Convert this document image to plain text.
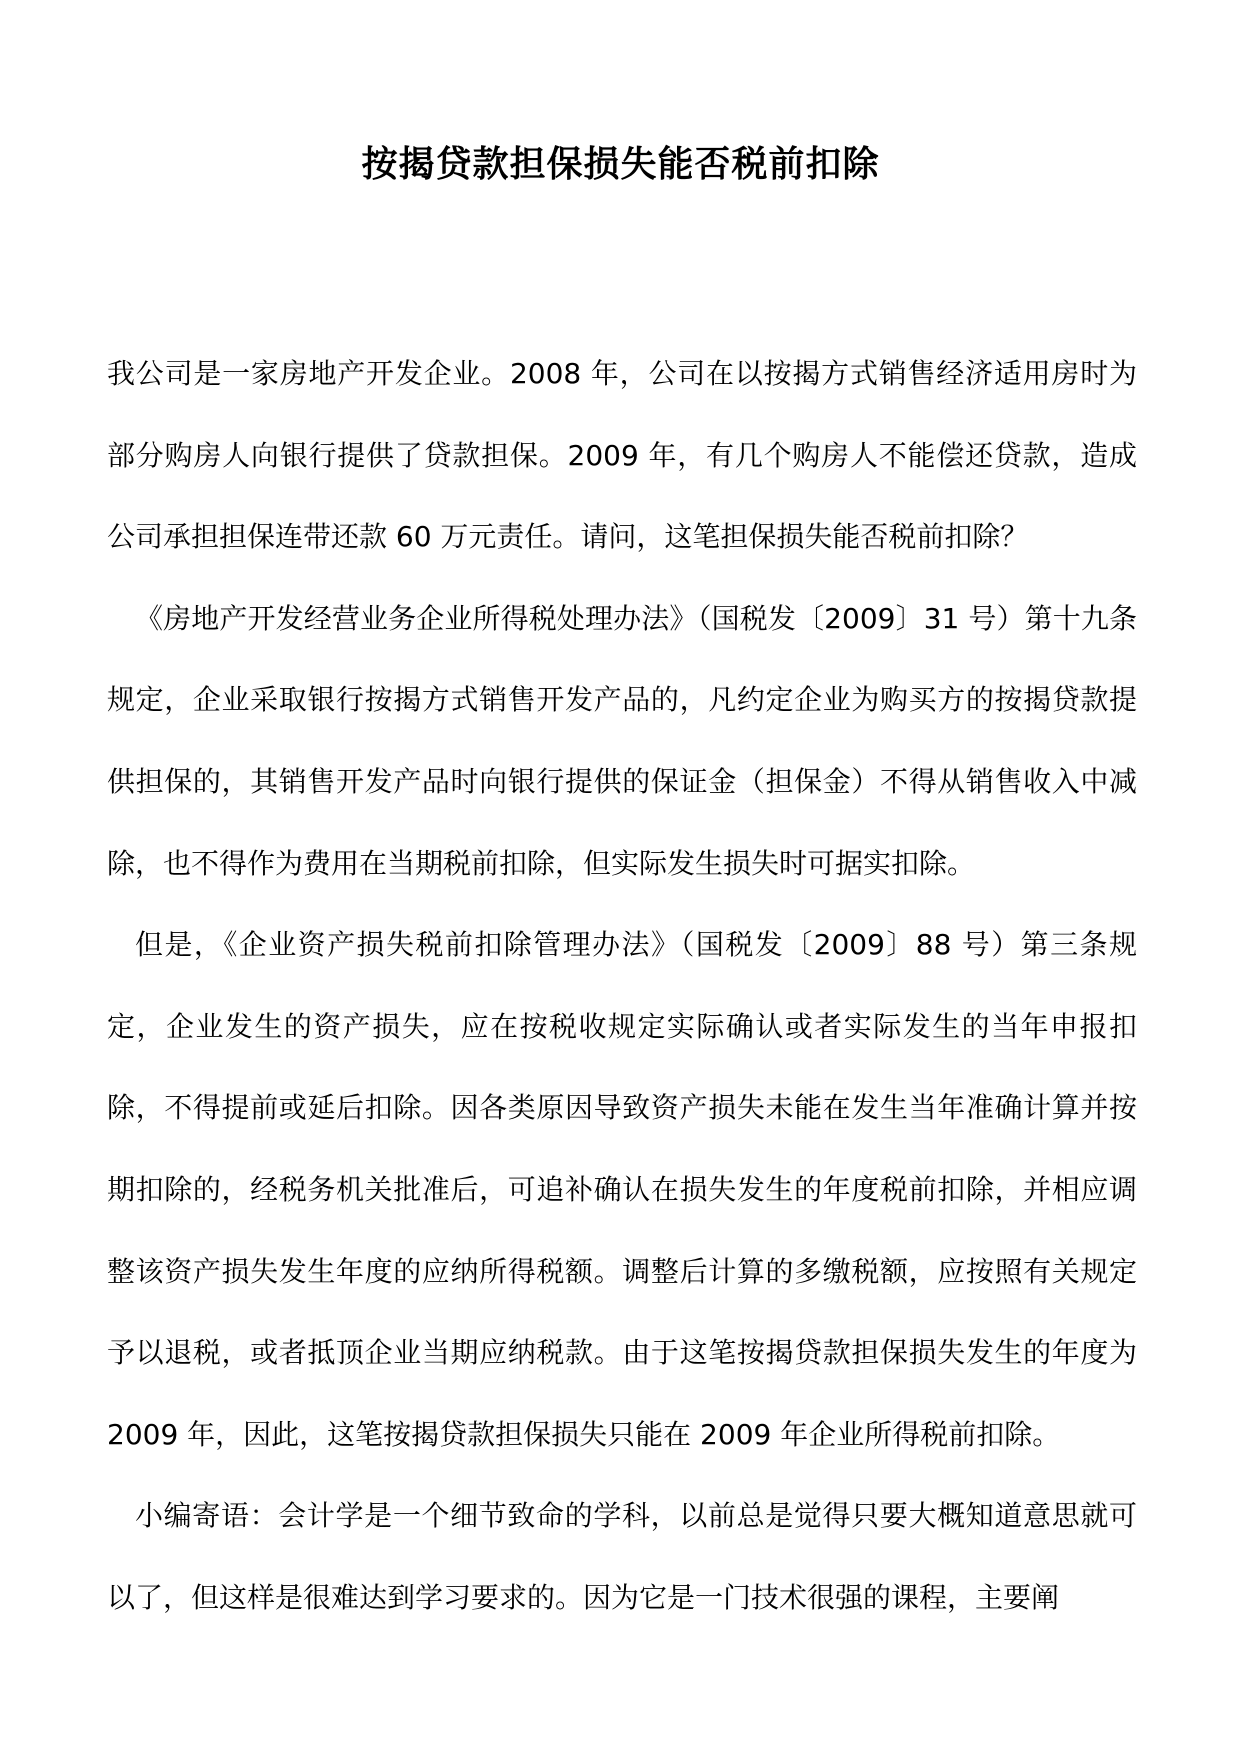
按揭贷款担保损失能否税前扣除

我公司是一家房地产开发企业。2008 年，公司在以按揭方式销售经济适用房时为部分购房人向银行提供了贷款担保。2009 年，有几个购房人不能偿还贷款，造成公司承担担保连带还款 60 万元责任。请问，这笔担保损失能否税前扣除？

《房地产开发经营业务企业所得税处理办法》（国税发〔2009〕31 号）第十九条规定，企业采取银行按揭方式销售开发产品的，凡约定企业为购买方的按揭贷款提供担保的，其销售开发产品时向银行提供的保证金（担保金）不得从销售收入中减除，也不得作为费用在当期税前扣除，但实际发生损失时可据实扣除。

但是，《企业资产损失税前扣除管理办法》（国税发〔2009〕88 号）第三条规定，企业发生的资产损失，应在按税收规定实际确认或者实际发生的当年申报扣除，不得提前或延后扣除。因各类原因导致资产损失未能在发生当年准确计算并按期扣除的，经税务机关批准后，可追补确认在损失发生的年度税前扣除，并相应调整该资产损失发生年度的应纳所得税额。调整后计算的多缴税额，应按照有关规定予以退税，或者抵顶企业当期应纳税款。由于这笔按揭贷款担保损失发生的年度为 2009 年，因此，这笔按揭贷款担保损失只能在 2009 年企业所得税前扣除。

小编寄语：会计学是一个细节致命的学科，以前总是觉得只要大概知道意思就可以了，但这样是很难达到学习要求的。因为它是一门技术很强的课程，主要阐
